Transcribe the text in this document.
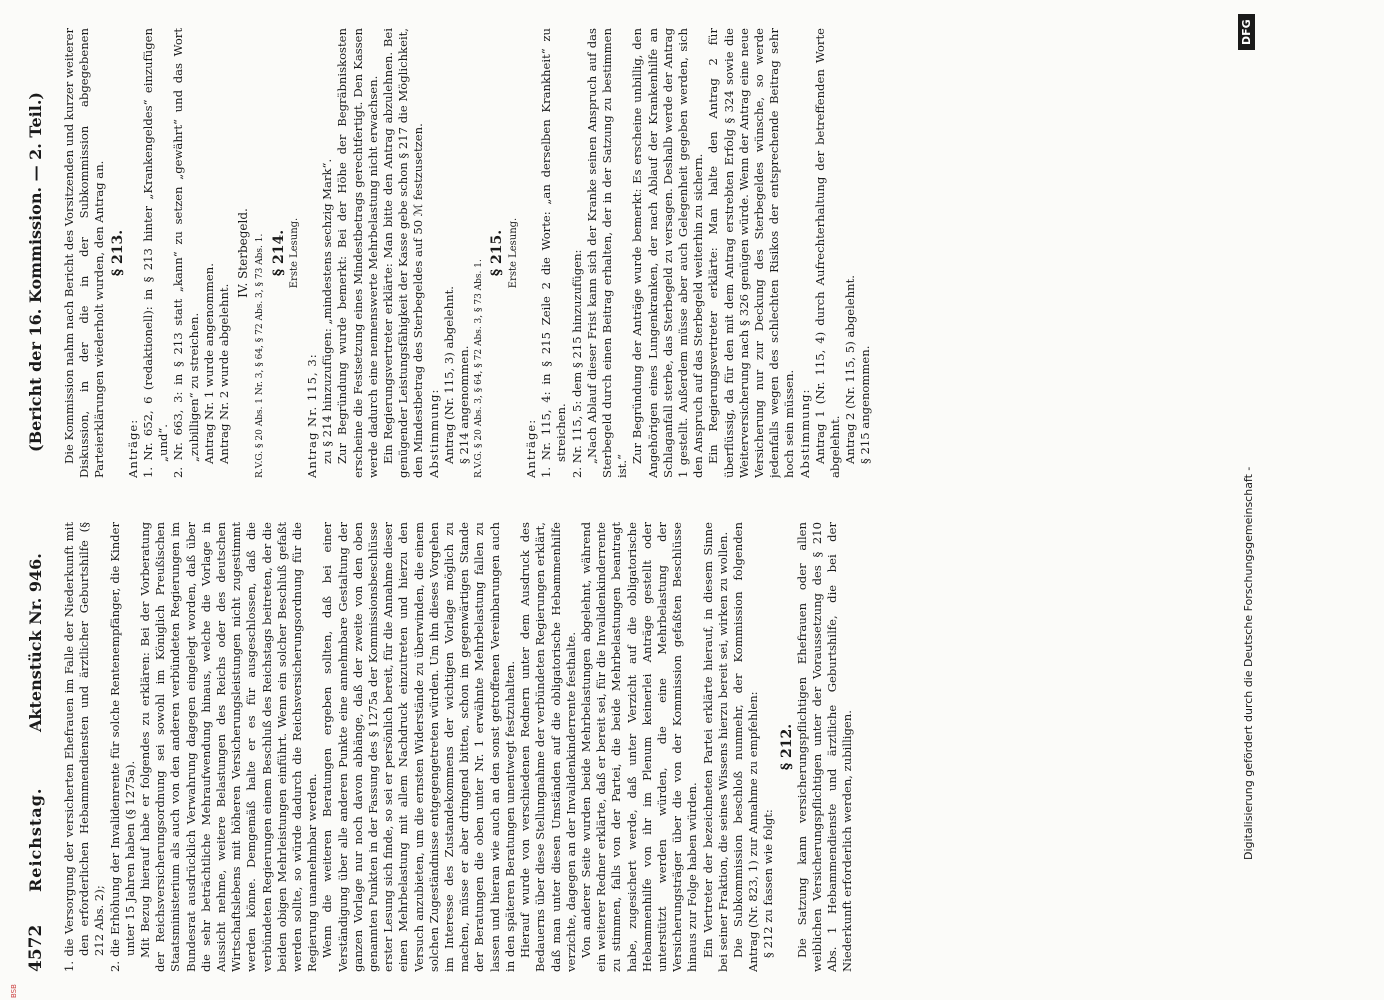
4572
Reichstag.
Aktenstück Nr. 946.
(Bericht der 16. Kommission. — 2. Teil.)

1. die Versorgung der versicherten Ehefrauen im Falle der Niederkunft mit den erforderlichen Hebammendiensten und ärztlicher Geburtshilfe (§ 212 Abs. 2); 2. die Erhöhung der Invalidenrente für solche Rentenempfänger, die Kinder unter 15 Jahren haben (§ 1275a). Mit Bezug hierauf habe er folgendes zu erklären: Bei der Vorberatung der Reichsversicherungsordnung sei sowohl im Königlich Preußischen Staatsministerium als auch von den anderen verbündeten Regierungen im Bundesrat ausdrücklich Verwahrung dagegen eingelegt worden, daß über die sehr beträchtliche Mehraufwendung hinaus, welche die Vorlage in Aussicht nehme, weitere Belastungen des Reichs oder des deutschen Wirtschaftslebens mit höheren Versicherungsleistungen nicht zugestimmt werden könne. Demgemäß halte er es für ausgeschlossen, daß die verbündeten Regierungen einem Beschluß des Reichstags beitreten, der die beiden obigen Mehrleistungen einführt. Wenn ein solcher Beschluß gefaßt werden sollte, so würde dadurch die Reichsversicherungsordnung für die Regierung unannehmbar werden. Wenn die weiteren Beratungen ergeben sollten, daß bei einer Verständigung über alle anderen Punkte eine annehmbare Gestaltung der ganzen Vorlage nur noch davon abhänge, daß der zweite von den oben genannten Punkten in der Fassung des § 1275a der Kommissionsbeschlüsse erster Lesung sich finde, so sei er persönlich bereit, für die Annahme dieser einen Mehrbelastung mit allem Nachdruck einzutreten und hierzu den Versuch anzubieten, um die ernsten Widerstände zu überwinden, die einem solchen Zugeständnisse entgegengetreten würden. Um ihn dieses Vorgehen im Interesse des Zustandekommens der wichtigen Vorlage möglich zu machen, müsse er aber dringend bitten, schon im gegenwärtigen Stande der Beratungen die oben unter Nr. 1 erwähnte Mehrbelastung fallen zu lassen und hieran wie auch an den sonst getroffenen Vereinbarungen auch in den späteren Beratungen unentwegt festzuhalten. Hierauf wurde von verschiedenen Rednern unter dem Ausdruck des Bedauerns über diese Stellungnahme der verbündeten Regierungen erklärt, daß man unter diesen Umständen auf die obligatorische Hebammenhilfe verzichte, dagegen an der Invalidenkinderrente festhalte. Von anderer Seite wurden beide Mehrbelastungen abgelehnt, während ein weiterer Redner erklärte, daß er bereit sei, für die Invalidenkinderrente zu stimmen, falls von der Partei, die beide Mehrbelastungen beantragt habe, zugesichert werde, daß unter Verzicht auf die obligatorische Hebammenhilfe von ihr im Plenum keinerlei Anträge gestellt oder unterstützt werden würden, die eine Mehrbelastung der Versicherungsträger über die von der Kommission gefaßten Beschlüsse hinaus zur Folge haben würden. Ein Vertreter der bezeichneten Partei erklärte hierauf, in diesem Sinne bei seiner Fraktion, die seines Wissens hierzu bereit sei, wirken zu wollen. Die Subkommission beschloß nunmehr, der Kommission folgenden Antrag (Nr. 823, 1) zur Annahme zu empfehlen: § 212 zu fassen wie folgt:

§ 212. Die Satzung kann versicherungspflichtigen Ehefrauen oder allen weiblichen Versicherungspflichtigen unter der Voraussetzung des § 210 Abs. 1 Hebammendienste und ärztliche Geburtshilfe, die bei der Niederkunft erforderlich werden, zubilligen.

Die Kommission nahm nach Bericht des Vorsitzenden und kurzer weiterer Diskussion, in der die in der Subkommission abgegebenen Parteierklärungen wiederholt wurden, den Antrag an. § 213.

Anträge: 1. Nr. 652, 6 (redaktionell): in § 213 hinter „Krankengeldes“ einzufügen „und“. 2. Nr. 663, 3: in § 213 statt „kann“ zu setzen „gewährt“ und das Wort „zubilligen“ zu streichen. Antrag Nr. 1 wurde angenommen. Antrag Nr. 2 wurde abgelehnt.

IV. Sterbegeld. R.V.G. § 20 Abs. 1 Nr. 3, § 64, § 72 Abs. 3, § 73 Abs. 1. § 214. Erste Lesung.

Antrag Nr. 115, 3: zu § 214 hinzuzufügen: „mindestens sechzig Mark“. Zur Begründung wurde bemerkt: Bei der Höhe der Begräbniskosten erscheine die Festsetzung eines Mindestbetrags gerechtfertigt. Den Kassen werde dadurch eine nennenswerte Mehrbelastung nicht erwachsen. Ein Regierungsvertreter erklärte: Man bitte den Antrag abzulehnen. Bei genügender Leistungsfähigkeit der Kasse gebe schon § 217 die Möglichkeit, den Mindestbetrag des Sterbegeldes auf 50 ℳ festzusetzen. Abstimmung: Antrag (Nr. 115, 3) abgelehnt. § 214 angenommen. R.V.G. § 20 Abs. 3, § 64, § 72 Abs. 3, § 73 Abs. 1.

§ 215. Erste Lesung.

Anträge: 1. Nr. 115, 4: in § 215 Zeile 2 die Worte: „an derselben Krankheit“ zu streichen. 2. Nr. 115, 5: dem § 215 hinzuzufügen: „Nach Ablauf dieser Frist kann sich der Kranke seinen Anspruch auf das Sterbegeld durch einen Beitrag erhalten, der in der Satzung zu bestimmen ist.“

Zur Begründung der Anträge wurde bemerkt: Es erscheine unbillig, den Angehörigen eines Lungenkranken, der nach Ablauf der Krankenhilfe an Schlaganfall sterbe, das Sterbegeld zu versagen. Deshalb werde der Antrag 1 gestellt. Außerdem müsse aber auch Gelegenheit gegeben werden, sich den Anspruch auf das Sterbegeld weiterhin zu sichern. Ein Regierungsvertreter erklärte: Man halte den Antrag 2 für überflüssig, da für den mit dem Antrag erstrebten Erfolg § 324 sowie die Weiterversicherung nach § 326 genügen würde. Wenn der Antrag eine neue Versicherung nur zur Deckung des Sterbegeldes wünsche, so werde jedenfalls wegen des schlechten Risikos der entsprechende Beitrag sehr hoch sein müssen. Abstimmung: Antrag 1 (Nr. 115, 4) durch Aufrechterhaltung der betreffenden Worte abgelehnt. Antrag 2 (Nr. 115, 5) abgelehnt. § 215 angenommen.

Digitalisierung gefördert durch die Deutsche Forschungsgemeinschaft -
DFG
BSB
